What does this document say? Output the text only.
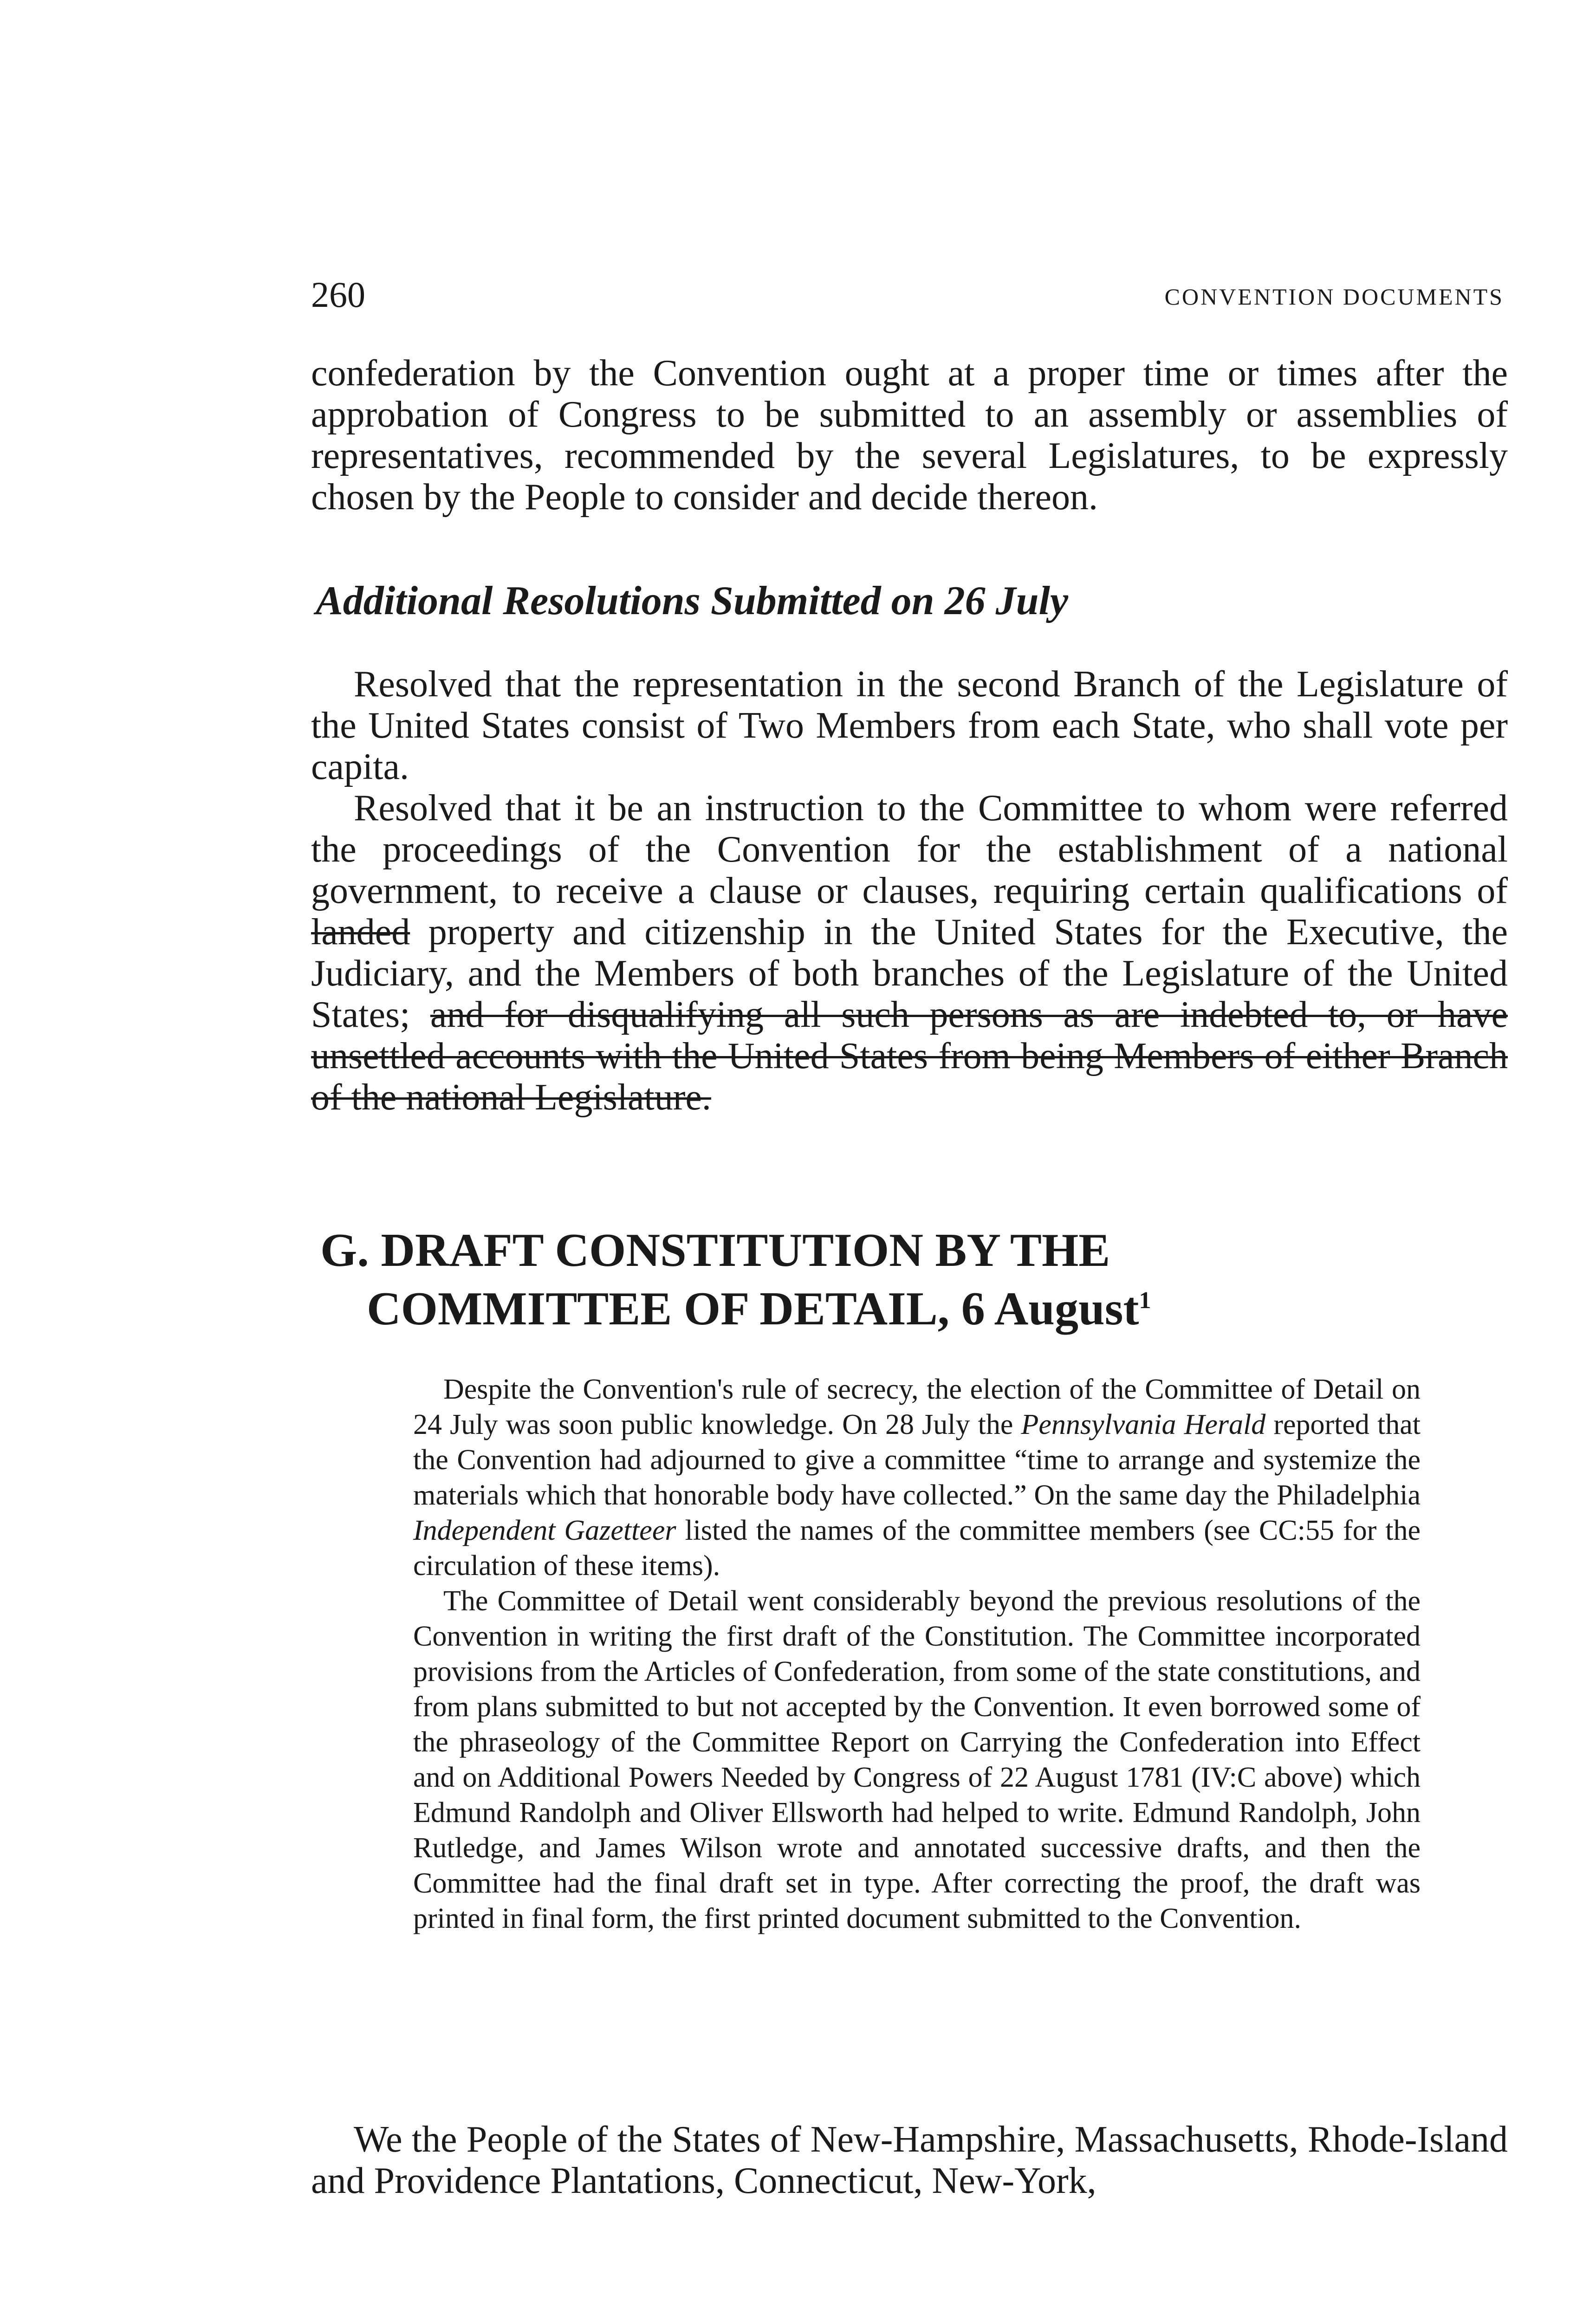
260	CONVENTION DOCUMENTS

confederation by the Convention ought at a proper time or times after the approbation of Congress to be submitted to an assembly or assemblies of representatives, recommended by the several Legislatures, to be expressly chosen by the People to consider and decide thereon.

Additional Resolutions Submitted on 26 July

Resolved that the representation in the second Branch of the Legislature of the United States consist of Two Members from each State, who shall vote per capita.

Resolved that it be an instruction to the Committee to whom were referred the proceedings of the Convention for the establishment of a national government, to receive a clause or clauses, requiring certain qualifications of landed property and citizenship in the United States for the Executive, the Judiciary, and the Members of both branches of the Legislature of the United States; and for disqualifying all such persons as are indebted to, or have unsettled accounts with the United States from being Members of either Branch of the national Legislature.

G. DRAFT CONSTITUTION BY THE
COMMITTEE OF DETAIL, 6 August$^1$

Despite the Convention's rule of secrecy, the election of the Committee of Detail on 24 July was soon public knowledge. On 28 July the Pennsylvania Herald reported that the Convention had adjourned to give a committee “time to arrange and systemize the materials which that honorable body have collected.” On the same day the Philadelphia Independent Gazetteer listed the names of the committee members (see CC:55 for the circulation of these items).

The Committee of Detail went considerably beyond the previous resolutions of the Convention in writing the first draft of the Constitution. The Committee incorporated provisions from the Articles of Confederation, from some of the state constitutions, and from plans submitted to but not accepted by the Convention. It even borrowed some of the phraseology of the Committee Report on Carrying the Confederation into Effect and on Additional Powers Needed by Congress of 22 August 1781 (IV:C above) which Edmund Randolph and Oliver Ellsworth had helped to write. Edmund Randolph, John Rutledge, and James Wilson wrote and annotated successive drafts, and then the Committee had the final draft set in type. After correcting the proof, the draft was printed in final form, the first printed document submitted to the Convention.

We the People of the States of New-Hampshire, Massachusetts, Rhode-Island and Providence Plantations, Connecticut, New-York,
